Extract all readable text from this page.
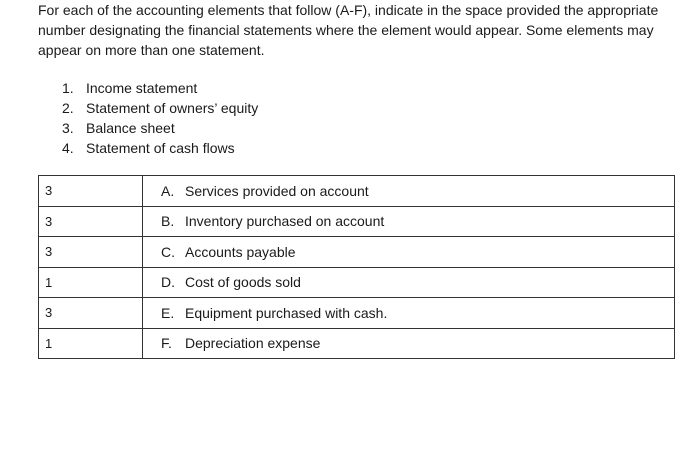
For each of the accounting elements that follow (A-F), indicate in the space provided the appropriate number designating the financial statements where the element would appear. Some elements may appear on more than one statement.

1. Income statement
2. Statement of owners’ equity
3. Balance sheet
4. Statement of cash flows
3	A. Services provided on account
3	B. Inventory purchased on account
3	C. Accounts payable
1	D. Cost of goods sold
3	E. Equipment purchased with cash.
1	F. Depreciation expense
